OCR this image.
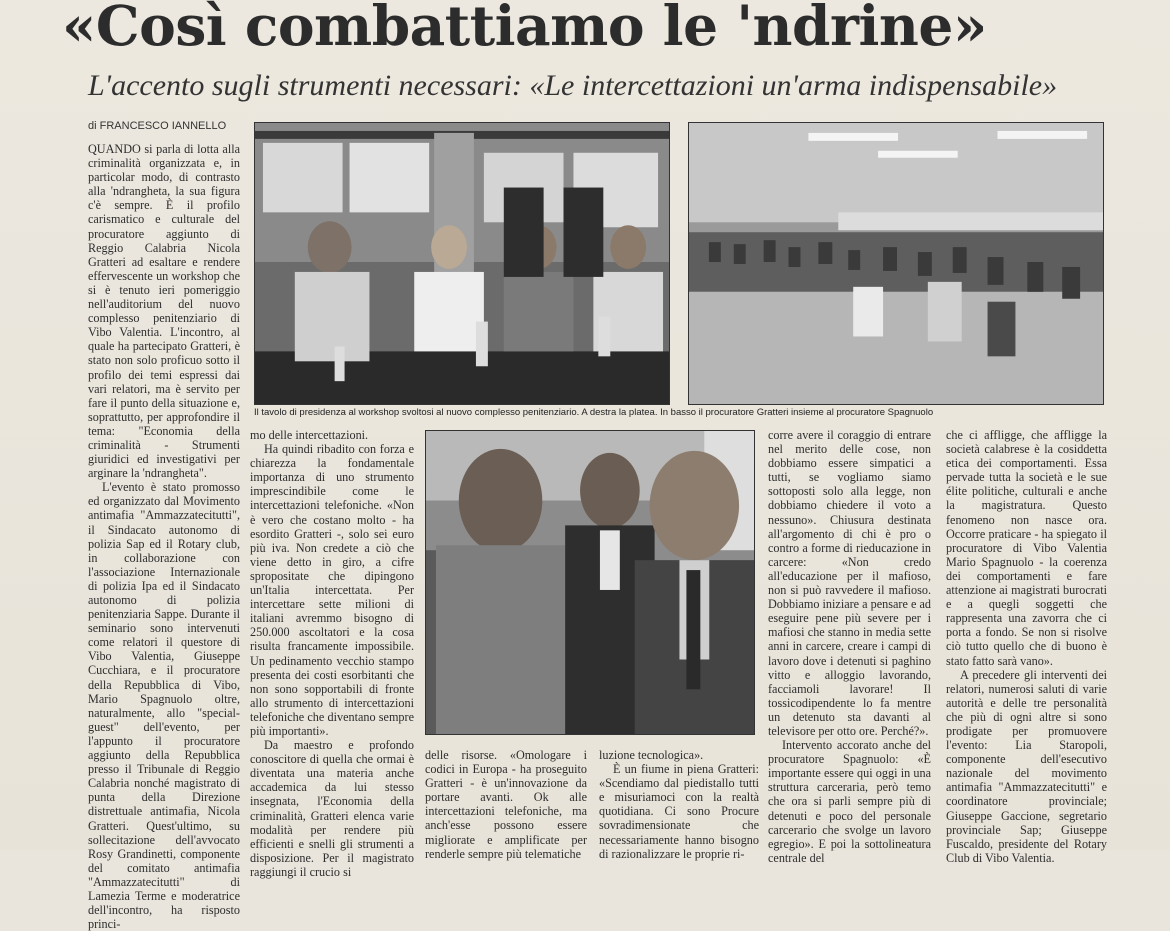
«Così combattiamo le 'ndrine»
L'accento sugli strumenti necessari: «Le intercettazioni un'arma indispensabile»
di FRANCESCO IANNELLO
Il tavolo di presidenza al workshop svoltosi al nuovo complesso penitenziario. A destra la platea. In basso il procuratore Gratteri insieme al procuratore Spagnuolo

QUANDO si parla di lotta alla criminalità organizzata e, in particolar modo, di contrasto alla 'ndrangheta, la sua figura c'è sempre. È il profilo carismatico e culturale del procuratore aggiunto di Reggio Calabria Nicola Gratteri ad esaltare e rendere effervescente un workshop che si è tenuto ieri pomeriggio nell'auditorium del nuovo complesso penitenziario di Vibo Valentia. L'incontro, al quale ha partecipato Gratteri, è stato non solo proficuo sotto il profilo dei temi espressi dai vari relatori, ma è servito per fare il punto della situazione e, soprattutto, per approfondire il tema: "Economia della criminalità - Strumenti giuridici ed investigativi per arginare la 'ndrangheta".

L'evento è stato promosso ed organizzato dal Movimento antimafia "Ammazzatecitutti", il Sindacato autonomo di polizia Sap ed il Rotary club, in collaborazione con l'associazione Internazionale di polizia Ipa ed il Sindacato autonomo di polizia penitenziaria Sappe. Durante il seminario sono intervenuti come relatori il questore di Vibo Valentia, Giuseppe Cucchiara, e il procuratore della Repubblica di Vibo, Mario Spagnuolo oltre, naturalmente, allo "special-guest" dell'evento, per l'appunto il procuratore aggiunto della Repubblica presso il Tribunale di Reggio Calabria nonché magistrato di punta della Direzione distrettuale antimafia, Nicola Gratteri. Quest'ultimo, su sollecitazione dell'avvocato Rosy Grandinetti, componente del comitato antimafia "Ammazzatecitutti" di Lamezia Terme e moderatrice dell'incontro, ha risposto princi-

mo delle intercettazioni.

Ha quindi ribadito con forza e chiarezza la fondamentale importanza di uno strumento imprescindibile come le intercettazioni telefoniche. «Non è vero che costano molto - ha esordito Gratteri -, solo sei euro più iva. Non credete a ciò che viene detto in giro, a cifre spropositate che dipingono un'Italia intercettata. Per intercettare sette milioni di italiani avremmo bisogno di 250.000 ascoltatori e la cosa risulta francamente impossibile. Un pedinamento vecchio stampo presenta dei costi esorbitanti che non sono sopportabili di fronte allo strumento di intercettazioni telefoniche che diventano sempre più importanti».

Da maestro e profondo conoscitore di quella che ormai è diventata una materia anche accademica da lui stesso insegnata, l'Economia della criminalità, Gratteri elenca varie modalità per rendere più efficienti e snelli gli strumenti a disposizione. Per il magistrato raggiungi il crucio si

delle risorse. «Omologare i codici in Europa - ha proseguito Gratteri - è un'innovazione da portare avanti. Ok alle intercettazioni telefoniche, ma anch'esse possono essere migliorate e amplificate per renderle sempre più telematiche

luzione tecnologica».

È un fiume in piena Gratteri: «Scendiamo dal piedistallo tutti e misuriamoci con la realtà quotidiana. Ci sono Procure sovradimensionate che necessariamente hanno bisogno di razionalizzare le proprie ri-

corre avere il coraggio di entrare nel merito delle cose, non dobbiamo essere simpatici a tutti, se vogliamo siamo sottoposti solo alla legge, non dobbiamo chiedere il voto a nessuno». Chiusura destinata all'argomento di chi è pro o contro a forme di rieducazione in carcere: «Non credo all'educazione per il mafioso, non si può ravvedere il mafioso. Dobbiamo iniziare a pensare e ad eseguire pene più severe per i mafiosi che stanno in media sette anni in carcere, creare i campi di lavoro dove i detenuti si paghino vitto e alloggio lavorando, facciamoli lavorare! Il tossicodipendente lo fa mentre un detenuto sta davanti al televisore per otto ore. Perché?».

Intervento accorato anche del procuratore Spagnuolo: «È importante essere qui oggi in una struttura carceraria, però temo che ora si parli sempre più di detenuti e poco del personale carcerario che svolge un lavoro egregio». E poi la sottolineatura centrale del

che ci affligge, che affligge la società calabrese è la cosiddetta etica dei comportamenti. Essa pervade tutta la società e le sue élite politiche, culturali e anche la magistratura. Questo fenomeno non nasce ora. Occorre praticare - ha spiegato il procuratore di Vibo Valentia Mario Spagnuolo - la coerenza dei comportamenti e fare attenzione ai magistrati burocrati e a quegli soggetti che rappresenta una zavorra che ci porta a fondo. Se non si risolve ciò tutto quello che di buono è stato fatto sarà vano».

A precedere gli interventi dei relatori, numerosi saluti di varie autorità e delle tre personalità che più di ogni altre si sono prodigate per promuovere l'evento: Lia Staropoli, componente dell'esecutivo nazionale del movimento antimafia "Ammazzatecitutti" e coordinatore provinciale; Giuseppe Gaccione, segretario provinciale Sap; Giuseppe Fuscaldo, presidente del Rotary Club di Vibo Valentia.
